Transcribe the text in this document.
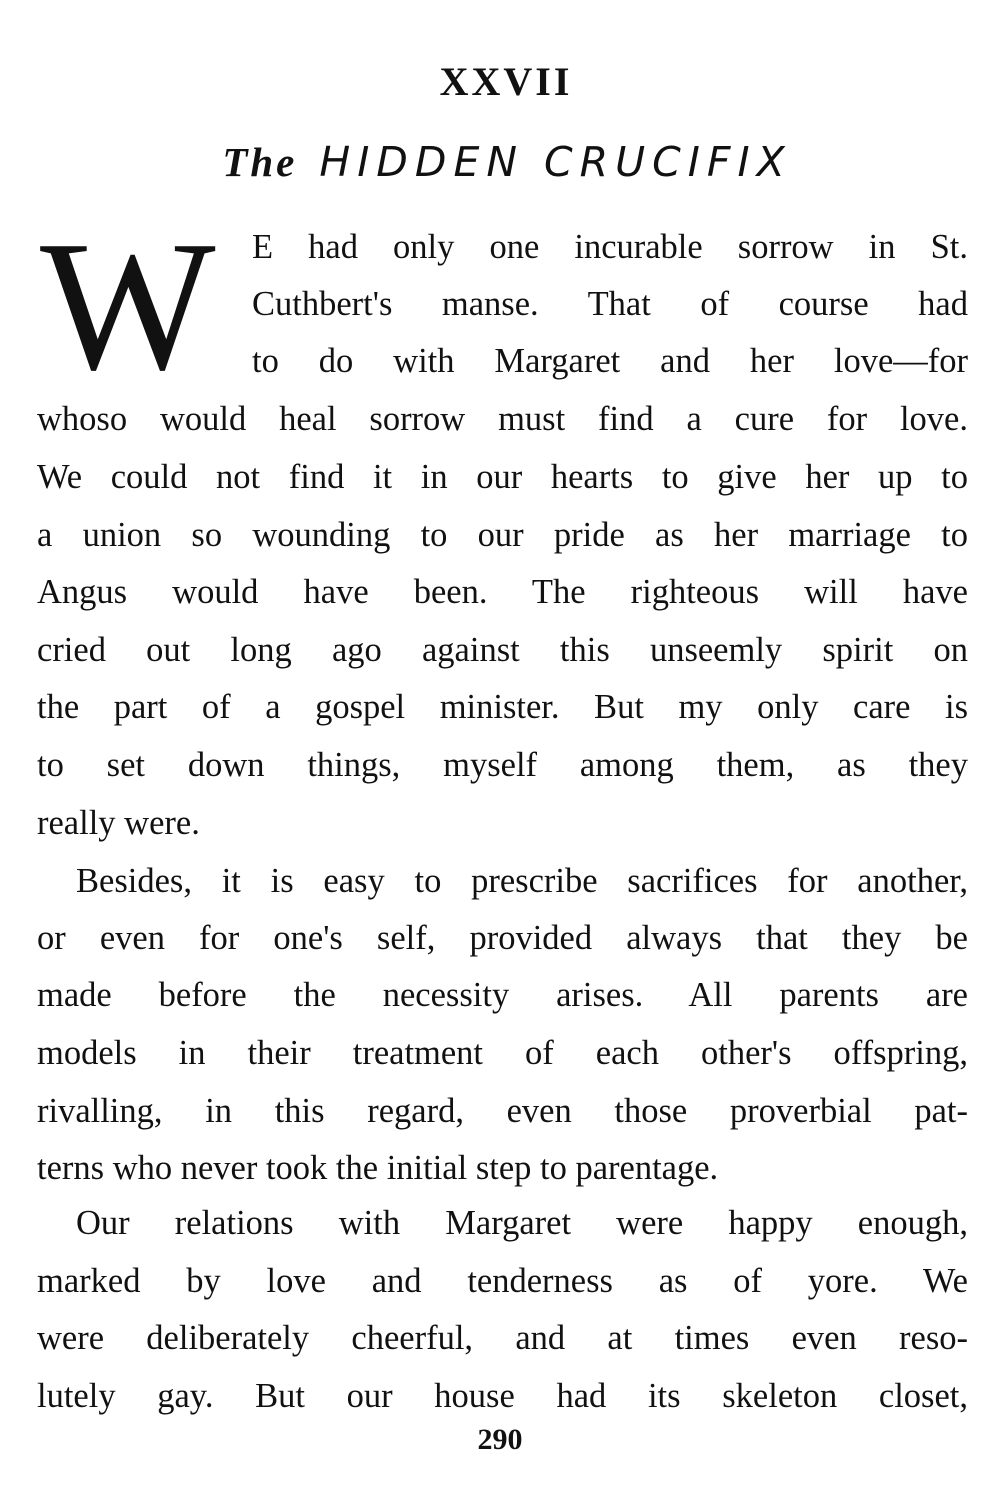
XXVII
The HIDDEN CRUCIFIX
W E had only one incurable sorrow in St.
Cuthbert's manse. That of course had
to do with Margaret and her love—for
whoso would heal sorrow must find a cure for love.
We could not find it in our hearts to give her up to
a union so wounding to our pride as her marriage to
Angus would have been. The righteous will have
cried out long ago against this unseemly spirit on
the part of a gospel minister. But my only care is
to set down things, myself among them, as they
really were.
Besides, it is easy to prescribe sacrifices for another,
or even for one's self, provided always that they be
made before the necessity arises. All parents are
models in their treatment of each other's offspring,
rivalling, in this regard, even those proverbial pat-
terns who never took the initial step to parentage.
Our relations with Margaret were happy enough,
marked by love and tenderness as of yore. We
were deliberately cheerful, and at times even reso-
lutely gay. But our house had its skeleton closet,
290
